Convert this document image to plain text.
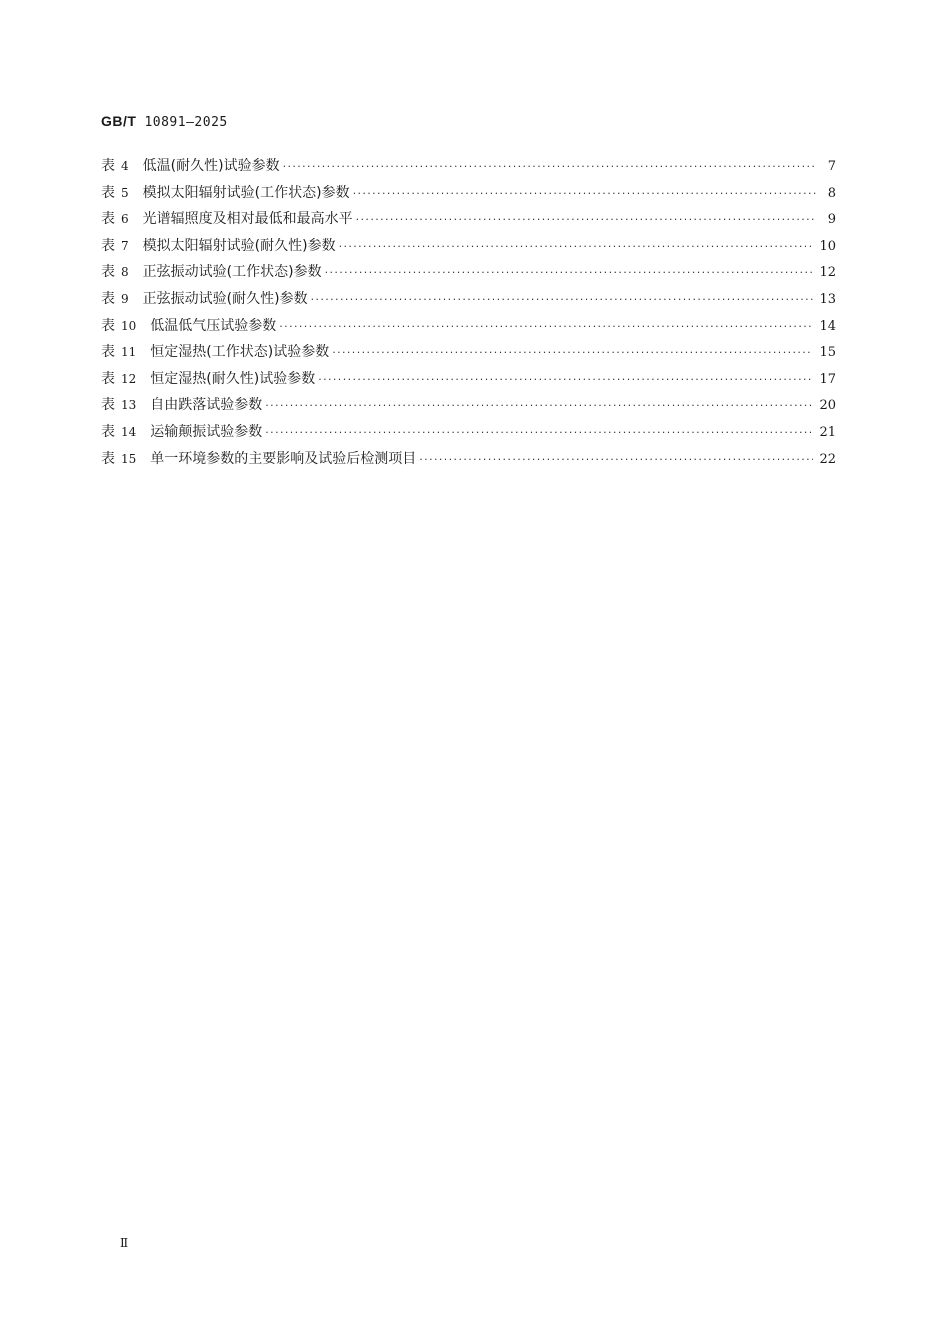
GB/T 10891—2025
表 4 低温(耐久性)试验参数 ·····	7
表 5 模拟太阳辐射试验(工作状态)参数 ·····	8
表 6 光谱辐照度及相对最低和最高水平 ·····	9
表 7 模拟太阳辐射试验(耐久性)参数 ·····	10
表 8 正弦振动试验(工作状态)参数 ·····	12
表 9 正弦振动试验(耐久性)参数 ·····	13
表 10 低温低气压试验参数 ·····	14
表 11 恒定湿热(工作状态)试验参数 ·····	15
表 12 恒定湿热(耐久性)试验参数 ·····	17
表 13 自由跌落试验参数 ·····	20
表 14 运输颠振试验参数 ·····	21
表 15 单一环境参数的主要影响及试验后检测项目 ·····	22
Ⅱ
